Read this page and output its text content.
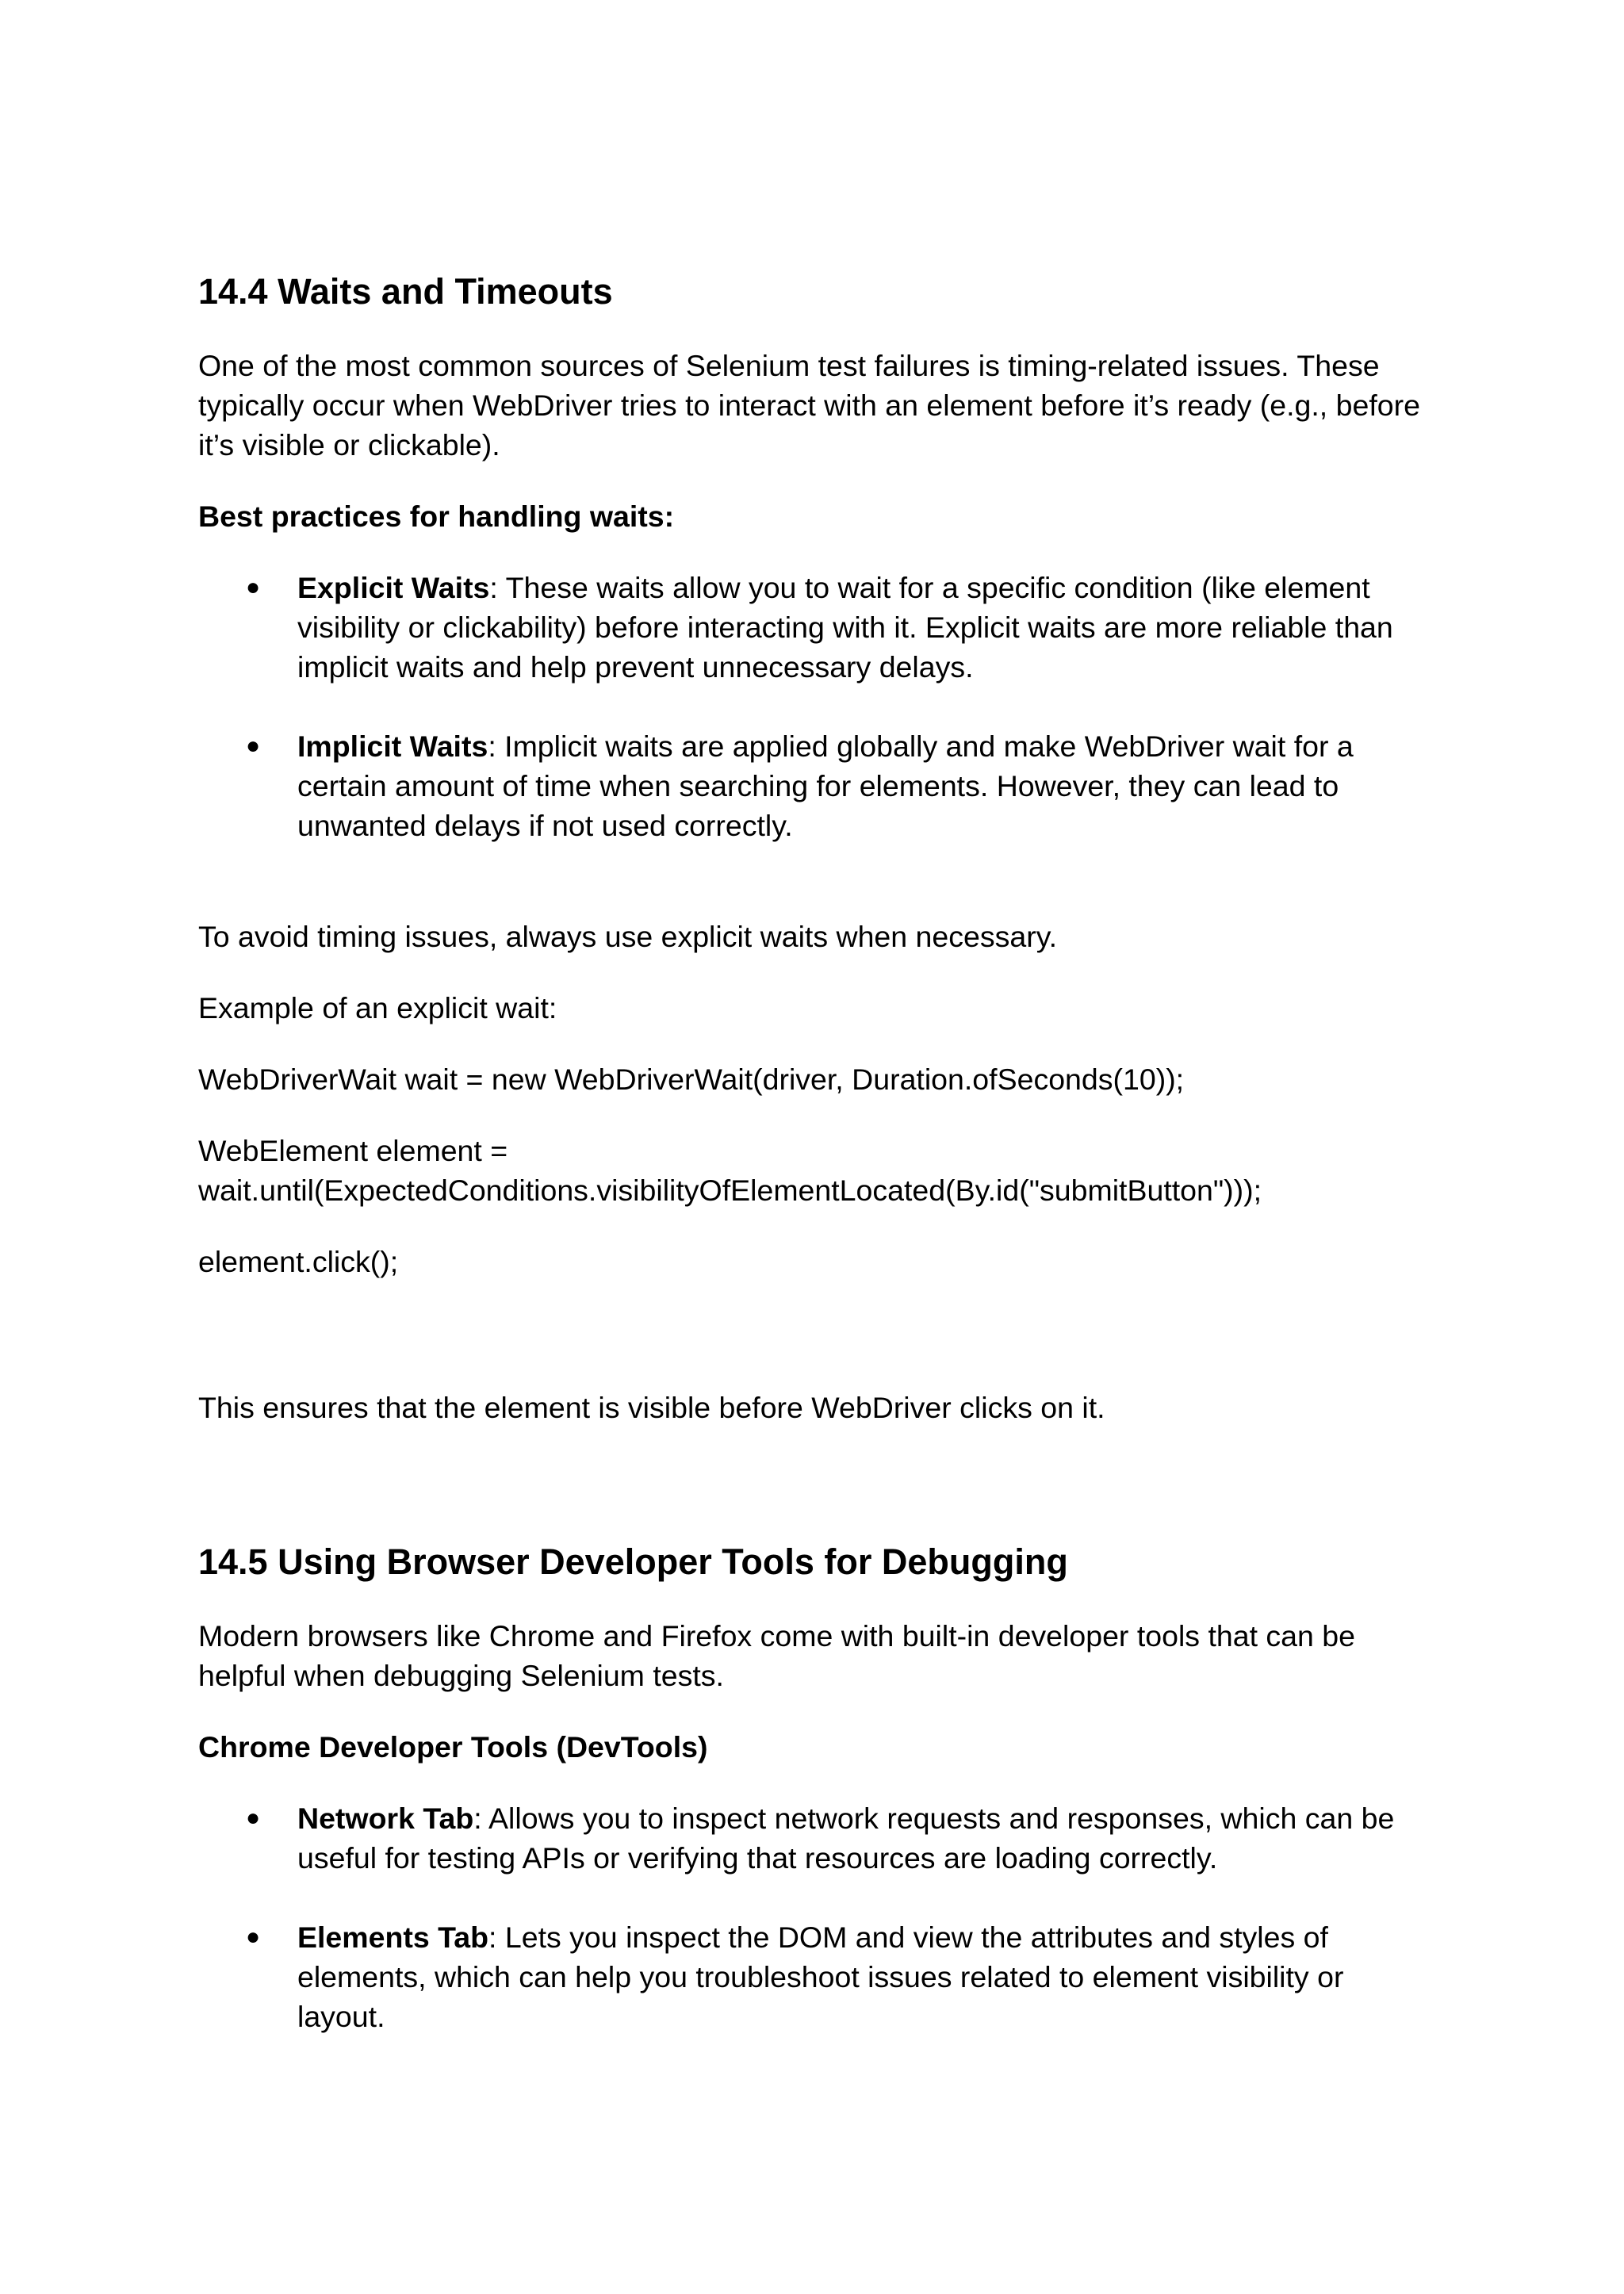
14.4 Waits and Timeouts

One of the most common sources of Selenium test failures is timing-related issues. These typically occur when WebDriver tries to interact with an element before it’s ready (e.g., before it’s visible or clickable).

Best practices for handling waits:

● Explicit Waits: These waits allow you to wait for a specific condition (like element visibility or clickability) before interacting with it. Explicit waits are more reliable than implicit waits and help prevent unnecessary delays.
● Implicit Waits: Implicit waits are applied globally and make WebDriver wait for a certain amount of time when searching for elements. However, they can lead to unwanted delays if not used correctly.

To avoid timing issues, always use explicit waits when necessary.

Example of an explicit wait:

WebDriverWait wait = new WebDriverWait(driver, Duration.ofSeconds(10));

WebElement element =

wait.until(ExpectedConditions.visibilityOfElementLocated(By.id("submitButton")));

element.click();

This ensures that the element is visible before WebDriver clicks on it.

14.5 Using Browser Developer Tools for Debugging

Modern browsers like Chrome and Firefox come with built-in developer tools that can be helpful when debugging Selenium tests.

Chrome Developer Tools (DevTools)

● Network Tab: Allows you to inspect network requests and responses, which can be useful for testing APIs or verifying that resources are loading correctly.
● Elements Tab: Lets you inspect the DOM and view the attributes and styles of elements, which can help you troubleshoot issues related to element visibility or layout.
